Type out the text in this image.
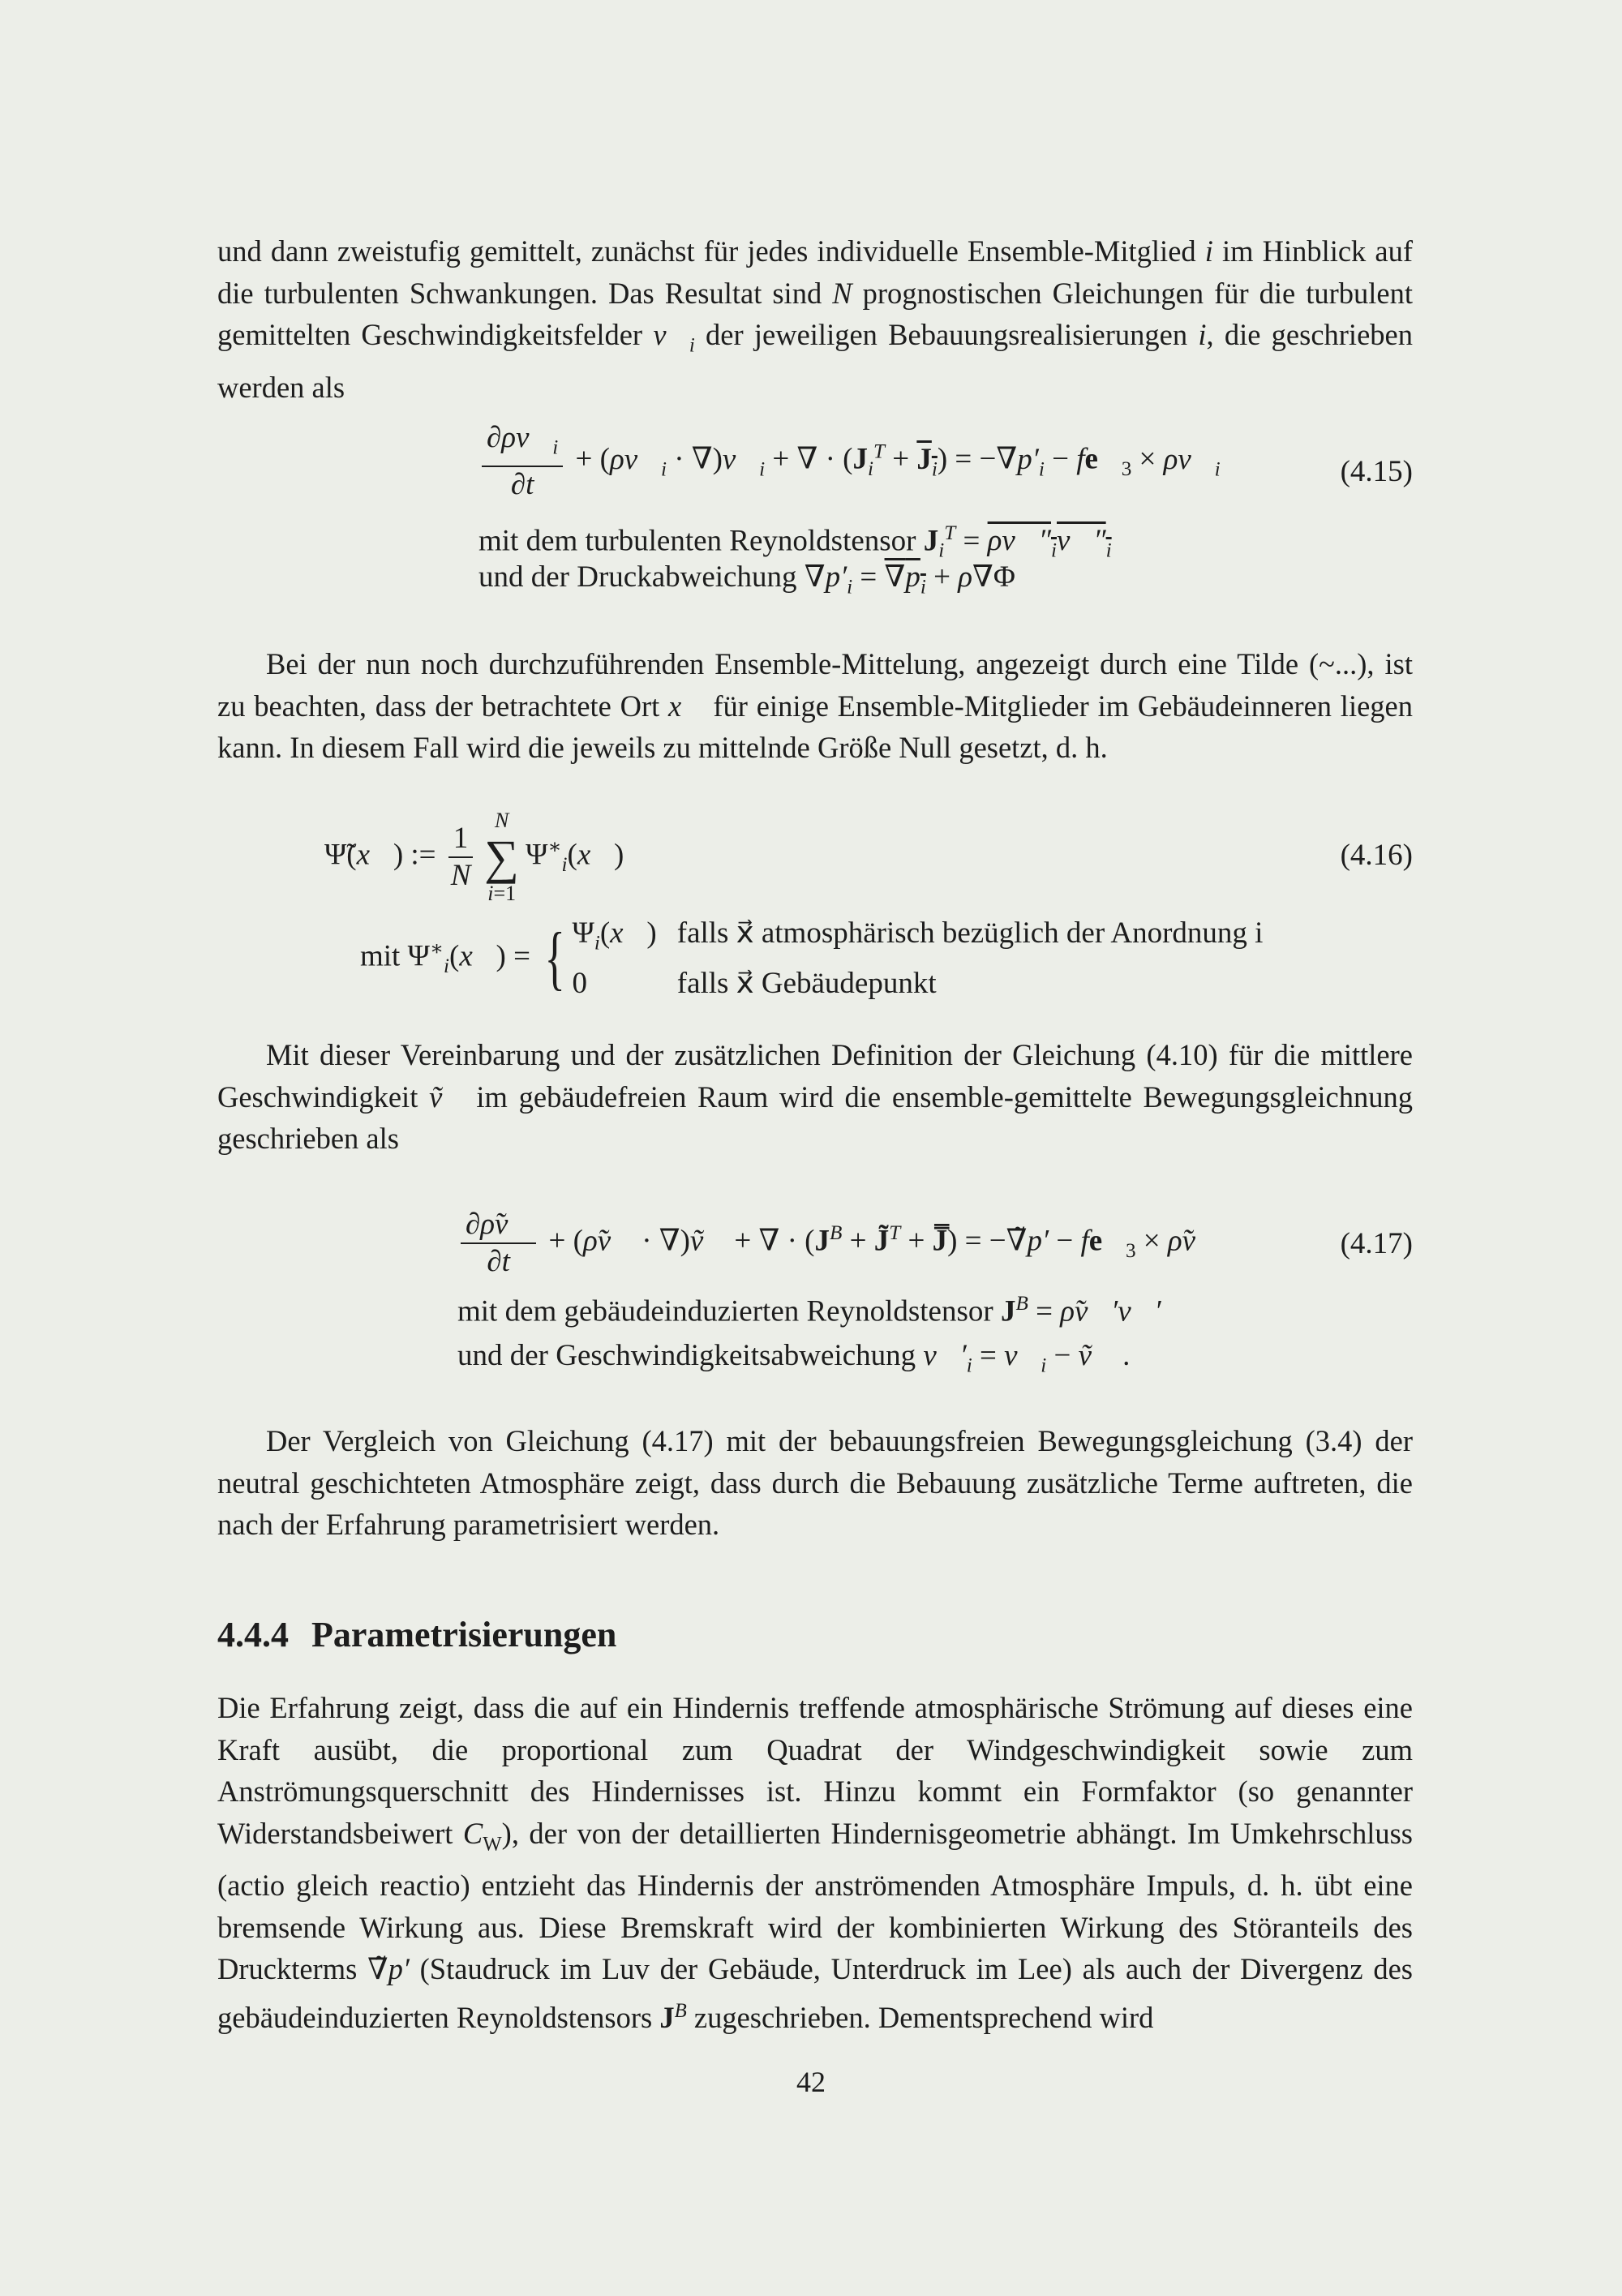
und dann zweistufig gemittelt, zunächst für jedes individuelle Ensemble-Mitglied i im Hinblick auf die turbulenten Schwankungen. Das Resultat sind N prognostischen Gleichungen für die turbulent gemittelten Geschwindigkeitsfelder $v⃗_i$ der jeweiligen Bebauungsrealisierungen i, die geschrieben werden als
$\frac{\partial\rho v⃗_i}{\partial t}$ + ($\rho v⃗_i$ · $\nabla)v⃗_i$ + ∇ · $(J_i^T + J_i) = -\nabla p'_i$ − $fe⃗_3$ × $\rho v⃗_i$	(4.15)
mit dem turbulenten Reynoldstensor $J_i^T$ = $\rho v⃗''_iv⃗''_i$
und der Druckabweichung $\nabla p'_i = \nabla p_i + \rho\nabla\Phi$
Bei der nun noch durchzuführenden Ensemble-Mittelung, angezeigt durch eine Tilde (~...), ist zu beachten, dass der betrachtete Ort x⃗ für einige Ensemble-Mitglieder im Gebäudeinneren liegen kann. In diesem Fall wird die jeweils zu mittelnde Größe Null gesetzt, d. h.
Ψ̃(x⃗) := $\frac{1}{N}$
N
∑
i=1
$\Psi^∗_i(x⃗)$	(4.16)
mit $\Psi^∗_i(x⃗)$ = { $\Psi_i(x⃗)$ falls x⃗ atmosphärisch bezüglich der Anordnung i
0	falls x⃗ Gebäudepunkt
Mit dieser Vereinbarung und der zusätzlichen Definition der Gleichung (4.10) für die mittlere Geschwindigkeit ṽ⃗ im gebäudefreien Raum wird die ensemble-gemittelte Bewegungsgleichnung geschrieben als
$\frac{\partial\rhõv⃗}{\partial t}$ + (ρ̃v⃗ · ∇)ṽ⃗ + ∇ · ($J^B$ + J̃$^T$ + J̿) = −∇̃p′ − $fe⃗_3$ × ρ̃v⃗	(4.17)
mit dem gebäudeinduzierten Reynoldstensor $J^B$ = ρ̃v⃗′v⃗′
und der Geschwindigkeitsabweichung $v⃗'_i$ = $v⃗_i$ − ṽ⃗ .
Der Vergleich von Gleichung (4.17) mit der bebauungsfreien Bewegungsgleichung (3.4) der neutral geschichteten Atmosphäre zeigt, dass durch die Bebauung zusätzliche Terme auftreten, die nach der Erfahrung parametrisiert werden.
4.4.4 Parametrisierungen
Die Erfahrung zeigt, dass die auf ein Hindernis treffende atmosphärische Strömung auf dieses eine Kraft ausübt, die proportional zum Quadrat der Windgeschwindigkeit sowie zum Anströmungsquerschnitt des Hindernisses ist. Hinzu kommt ein Formfaktor (so genannter Widerstandsbeiwert $C_W$), der von der detaillierten Hindernisgeometrie abhängt. Im Umkehrschluss (actio gleich reactio) entzieht das Hindernis der anströmenden Atmosphäre Impuls, d. h. übt eine bremsende Wirkung aus. Diese Bremskraft wird der kombinierten Wirkung des Störanteils des Druckterms ∇̃p′ (Staudruck im Luv der Gebäude, Unterdruck im Lee) als auch der Divergenz des gebäudeinduzierten Reynoldstensors $J^B$ zugeschrieben. Dementsprechend wird
42
